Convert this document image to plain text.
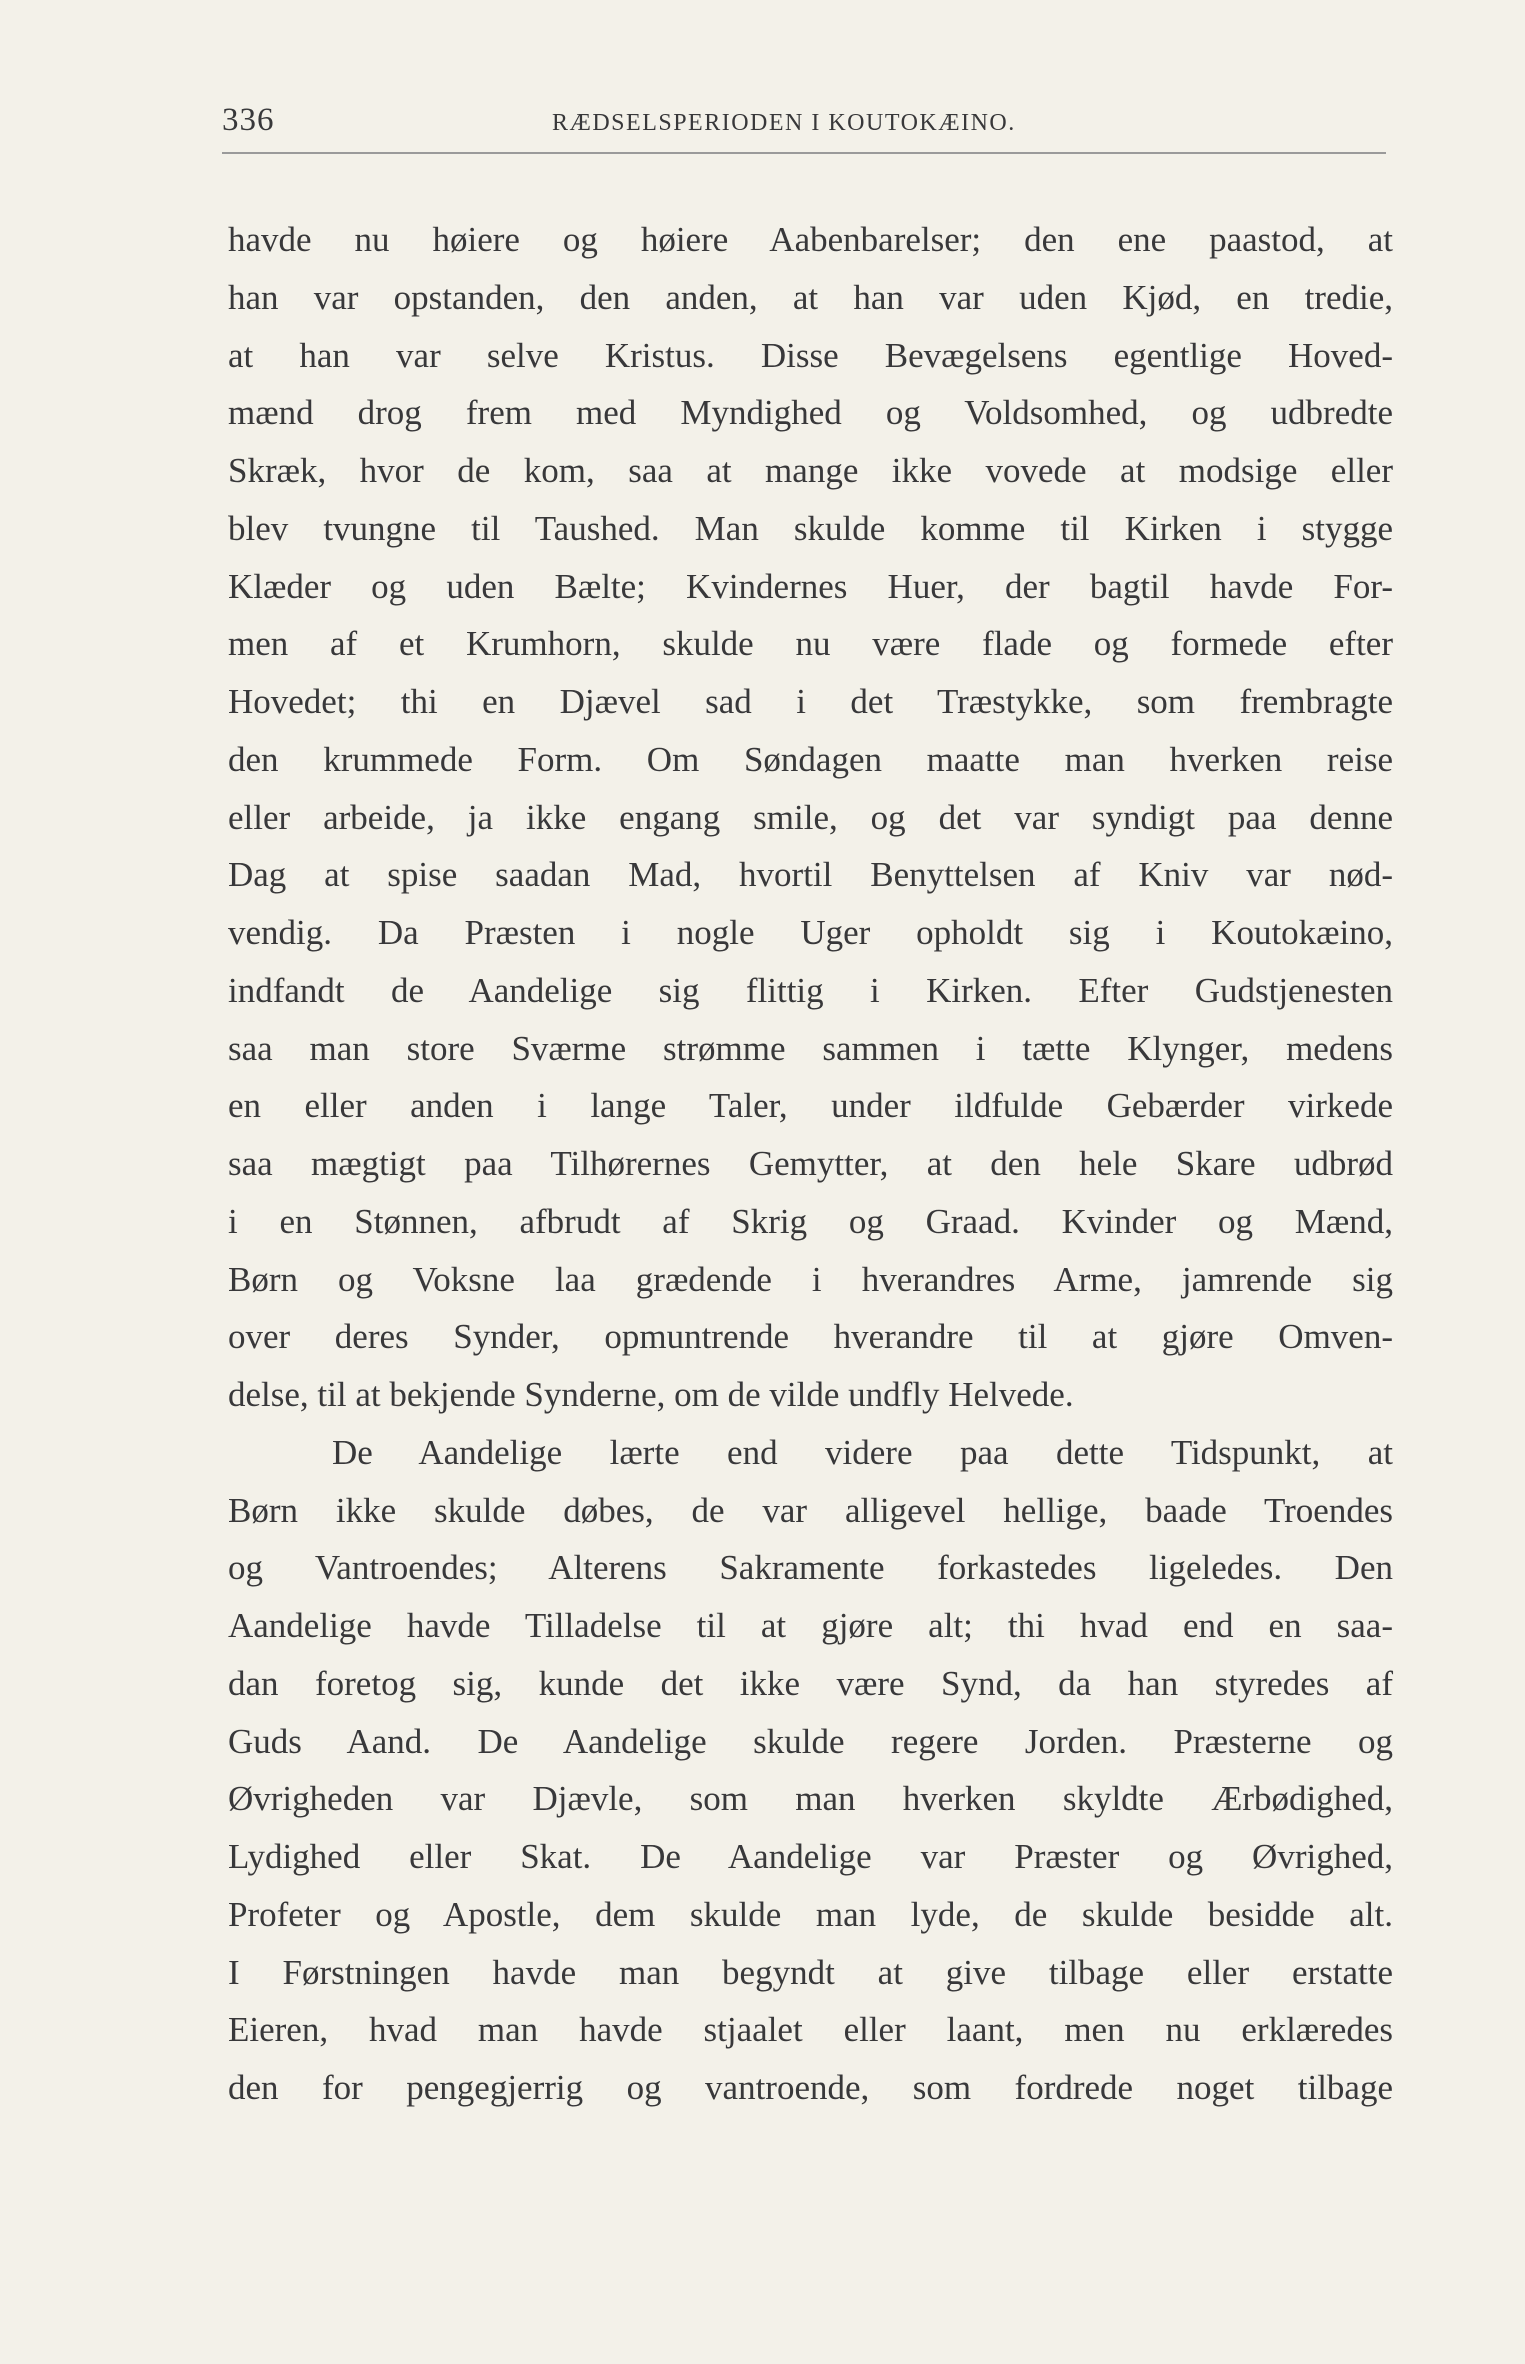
336	RÆDSELSPERIODEN I KOUTOKÆINO.
havde nu høiere og høiere Aabenbarelser; den ene paastod, at
han var opstanden, den anden, at han var uden Kjød, en tredie,
at han var selve Kristus. Disse Bevægelsens egentlige Hoved-
mænd drog frem med Myndighed og Voldsomhed, og udbredte
Skræk, hvor de kom, saa at mange ikke vovede at modsige eller
blev tvungne til Taushed. Man skulde komme til Kirken i stygge
Klæder og uden Bælte; Kvindernes Huer, der bagtil havde For-
men af et Krumhorn, skulde nu være flade og formede efter
Hovedet; thi en Djævel sad i det Træstykke, som frembragte
den krummede Form. Om Søndagen maatte man hverken reise
eller arbeide, ja ikke engang smile, og det var syndigt paa denne
Dag at spise saadan Mad, hvortil Benyttelsen af Kniv var nød-
vendig. Da Præsten i nogle Uger opholdt sig i Koutokæino,
indfandt de Aandelige sig flittig i Kirken. Efter Gudstjenesten
saa man store Sværme strømme sammen i tætte Klynger, medens
en eller anden i lange Taler, under ildfulde Gebærder virkede
saa mægtigt paa Tilhørernes Gemytter, at den hele Skare udbrød
i en Stønnen, afbrudt af Skrig og Graad. Kvinder og Mænd,
Børn og Voksne laa grædende i hverandres Arme, jamrende sig
over deres Synder, opmuntrende hverandre til at gjøre Omven-
delse, til at bekjende Synderne, om de vilde undfly Helvede.
De Aandelige lærte end videre paa dette Tidspunkt, at
Børn ikke skulde døbes, de var alligevel hellige, baade Troendes
og Vantroendes; Alterens Sakramente forkastedes ligeledes. Den
Aandelige havde Tilladelse til at gjøre alt; thi hvad end en saa-
dan foretog sig, kunde det ikke være Synd, da han styredes af
Guds Aand. De Aandelige skulde regere Jorden. Præsterne og
Øvrigheden var Djævle, som man hverken skyldte Ærbødighed,
Lydighed eller Skat. De Aandelige var Præster og Øvrighed,
Profeter og Apostle, dem skulde man lyde, de skulde besidde alt.
I Førstningen havde man begyndt at give tilbage eller erstatte
Eieren, hvad man havde stjaalet eller laant, men nu erklæredes
den for pengegjerrig og vantroende, som fordrede noget tilbage
